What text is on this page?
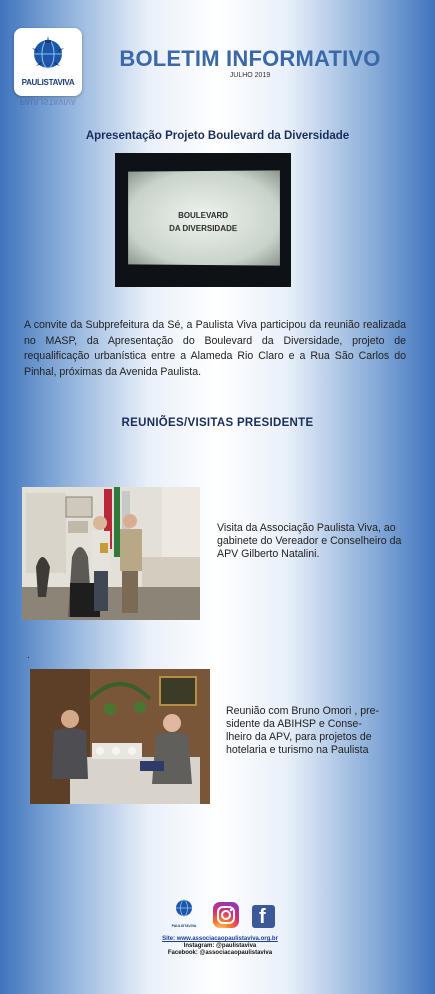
PAULISTAVIVA
PAULISTAVIVA
BOLETIM INFORMATIVO
JULHO 2019
Apresentação Projeto Boulevard da Diversidade
BOULEVARD
DA DIVERSIDADE
A convite da Subprefeitura da Sé, a Paulista Viva participou da reunião realizada no MASP, da Apresentação do Boulevard da Diversidade, projeto de requalificação urbanística entre a Alameda Rio Claro e a Rua São Carlos do Pinhal, próximas da Avenida Paulista.
REUNIÕES/VISITAS PRESIDENTE
Visita da Associação Paulista Viva, ao gabinete do Vereador e Conselheiro da APV Gilberto Natalini.
.
Reunião com Bruno Omori , pre-sidente da ABIHSP e Conse-lheiro da APV, para projetos de hotelaria e turismo na Paulista
PAULISTAVIVA	f
Site: www.associacaopaulistaviva.org.br
Instagram: @paulistaviva
Facebook: @associacaopaulistaviva
